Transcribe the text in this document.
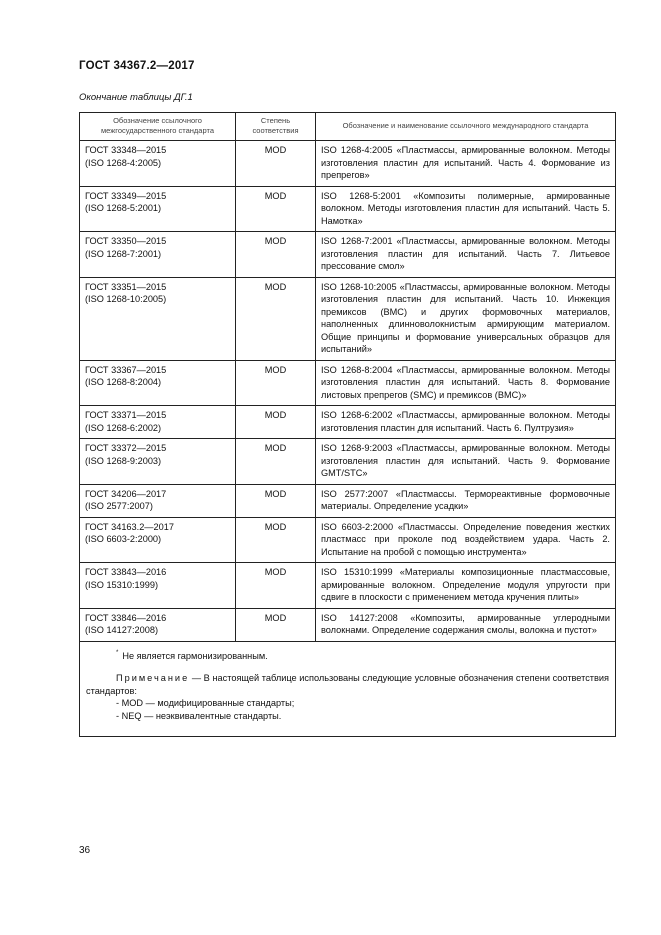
ГОСТ 34367.2—2017
Окончание таблицы ДГ.1
Обозначение ссылочного межгосударственного стандарта	Степень соответствия	Обозначение и наименование ссылочного международного стандарта

ГОСТ 33348—2015
(ISO 1268-4:2005)	MOD	ISO 1268-4:2005 «Пластмассы, армированные волокном. Методы изготовления пластин для испытаний. Часть 4. Формование из препрегов»

ГОСТ 33349—2015
(ISO 1268-5:2001)	MOD	ISO 1268-5:2001 «Композиты полимерные, армированные волокном. Методы изготовления пластин для испытаний. Часть 5. Намотка»

ГОСТ 33350—2015
(ISO 1268-7:2001)	MOD	ISO 1268-7:2001 «Пластмассы, армированные волокном. Методы изготовления пластин для испытаний. Часть 7. Литьевое прессование смол»

ГОСТ 33351—2015
(ISO 1268-10:2005)	MOD	ISO 1268-10:2005 «Пластмассы, армированные волокном. Методы изготовления пластин для испытаний. Часть 10. Инжекция премиксов (BMC) и других формовочных материалов, наполненных длинноволокнистым армирующим материалом. Общие принципы и формование универсальных образцов для испытаний»

ГОСТ 33367—2015
(ISO 1268-8:2004)	MOD	ISO 1268-8:2004 «Пластмассы, армированные волокном. Методы изготовления пластин для испытаний. Часть 8. Формование листовых препрегов (SMC) и премиксов (BMC)»

ГОСТ 33371—2015
(ISO 1268-6:2002)	MOD	ISO 1268-6:2002 «Пластмассы, армированные волокном. Методы изготовления пластин для испытаний. Часть 6. Пултрузия»

ГОСТ 33372—2015
(ISO 1268-9:2003)	MOD	ISO 1268-9:2003 «Пластмассы, армированные волокном. Методы изготовления пластин для испытаний. Часть 9. Формование GMT/STC»

ГОСТ 34206—2017
(ISO 2577:2007)	MOD	ISO 2577:2007 «Пластмассы. Термореактивные формовочные материалы. Определение усадки»

ГОСТ 34163.2—2017
(ISO 6603-2:2000)	MOD	ISO 6603-2:2000 «Пластмассы. Определение поведения жестких пластмасс при проколе под воздействием удара. Часть 2. Испытание на пробой с помощью инструмента»

ГОСТ 33843—2016
(ISO 15310:1999)	MOD	ISO 15310:1999 «Материалы композиционные пластмассовые, армированные волокном. Определение модуля упругости при сдвиге в плоскости с применением метода кручения плиты»

ГОСТ 33846—2016
(ISO 14127:2008)	MOD	ISO 14127:2008 «Композиты, армированные углеродными волокнами. Определение содержания смолы, волокна и пустот»

* Не является гармонизированным.
Примечание — В настоящей таблице использованы следующие условные обозначения степени соответствия стандартов:
- MOD — модифицированные стандарты;
- NEQ — неэквивалентные стандарты.		
36
